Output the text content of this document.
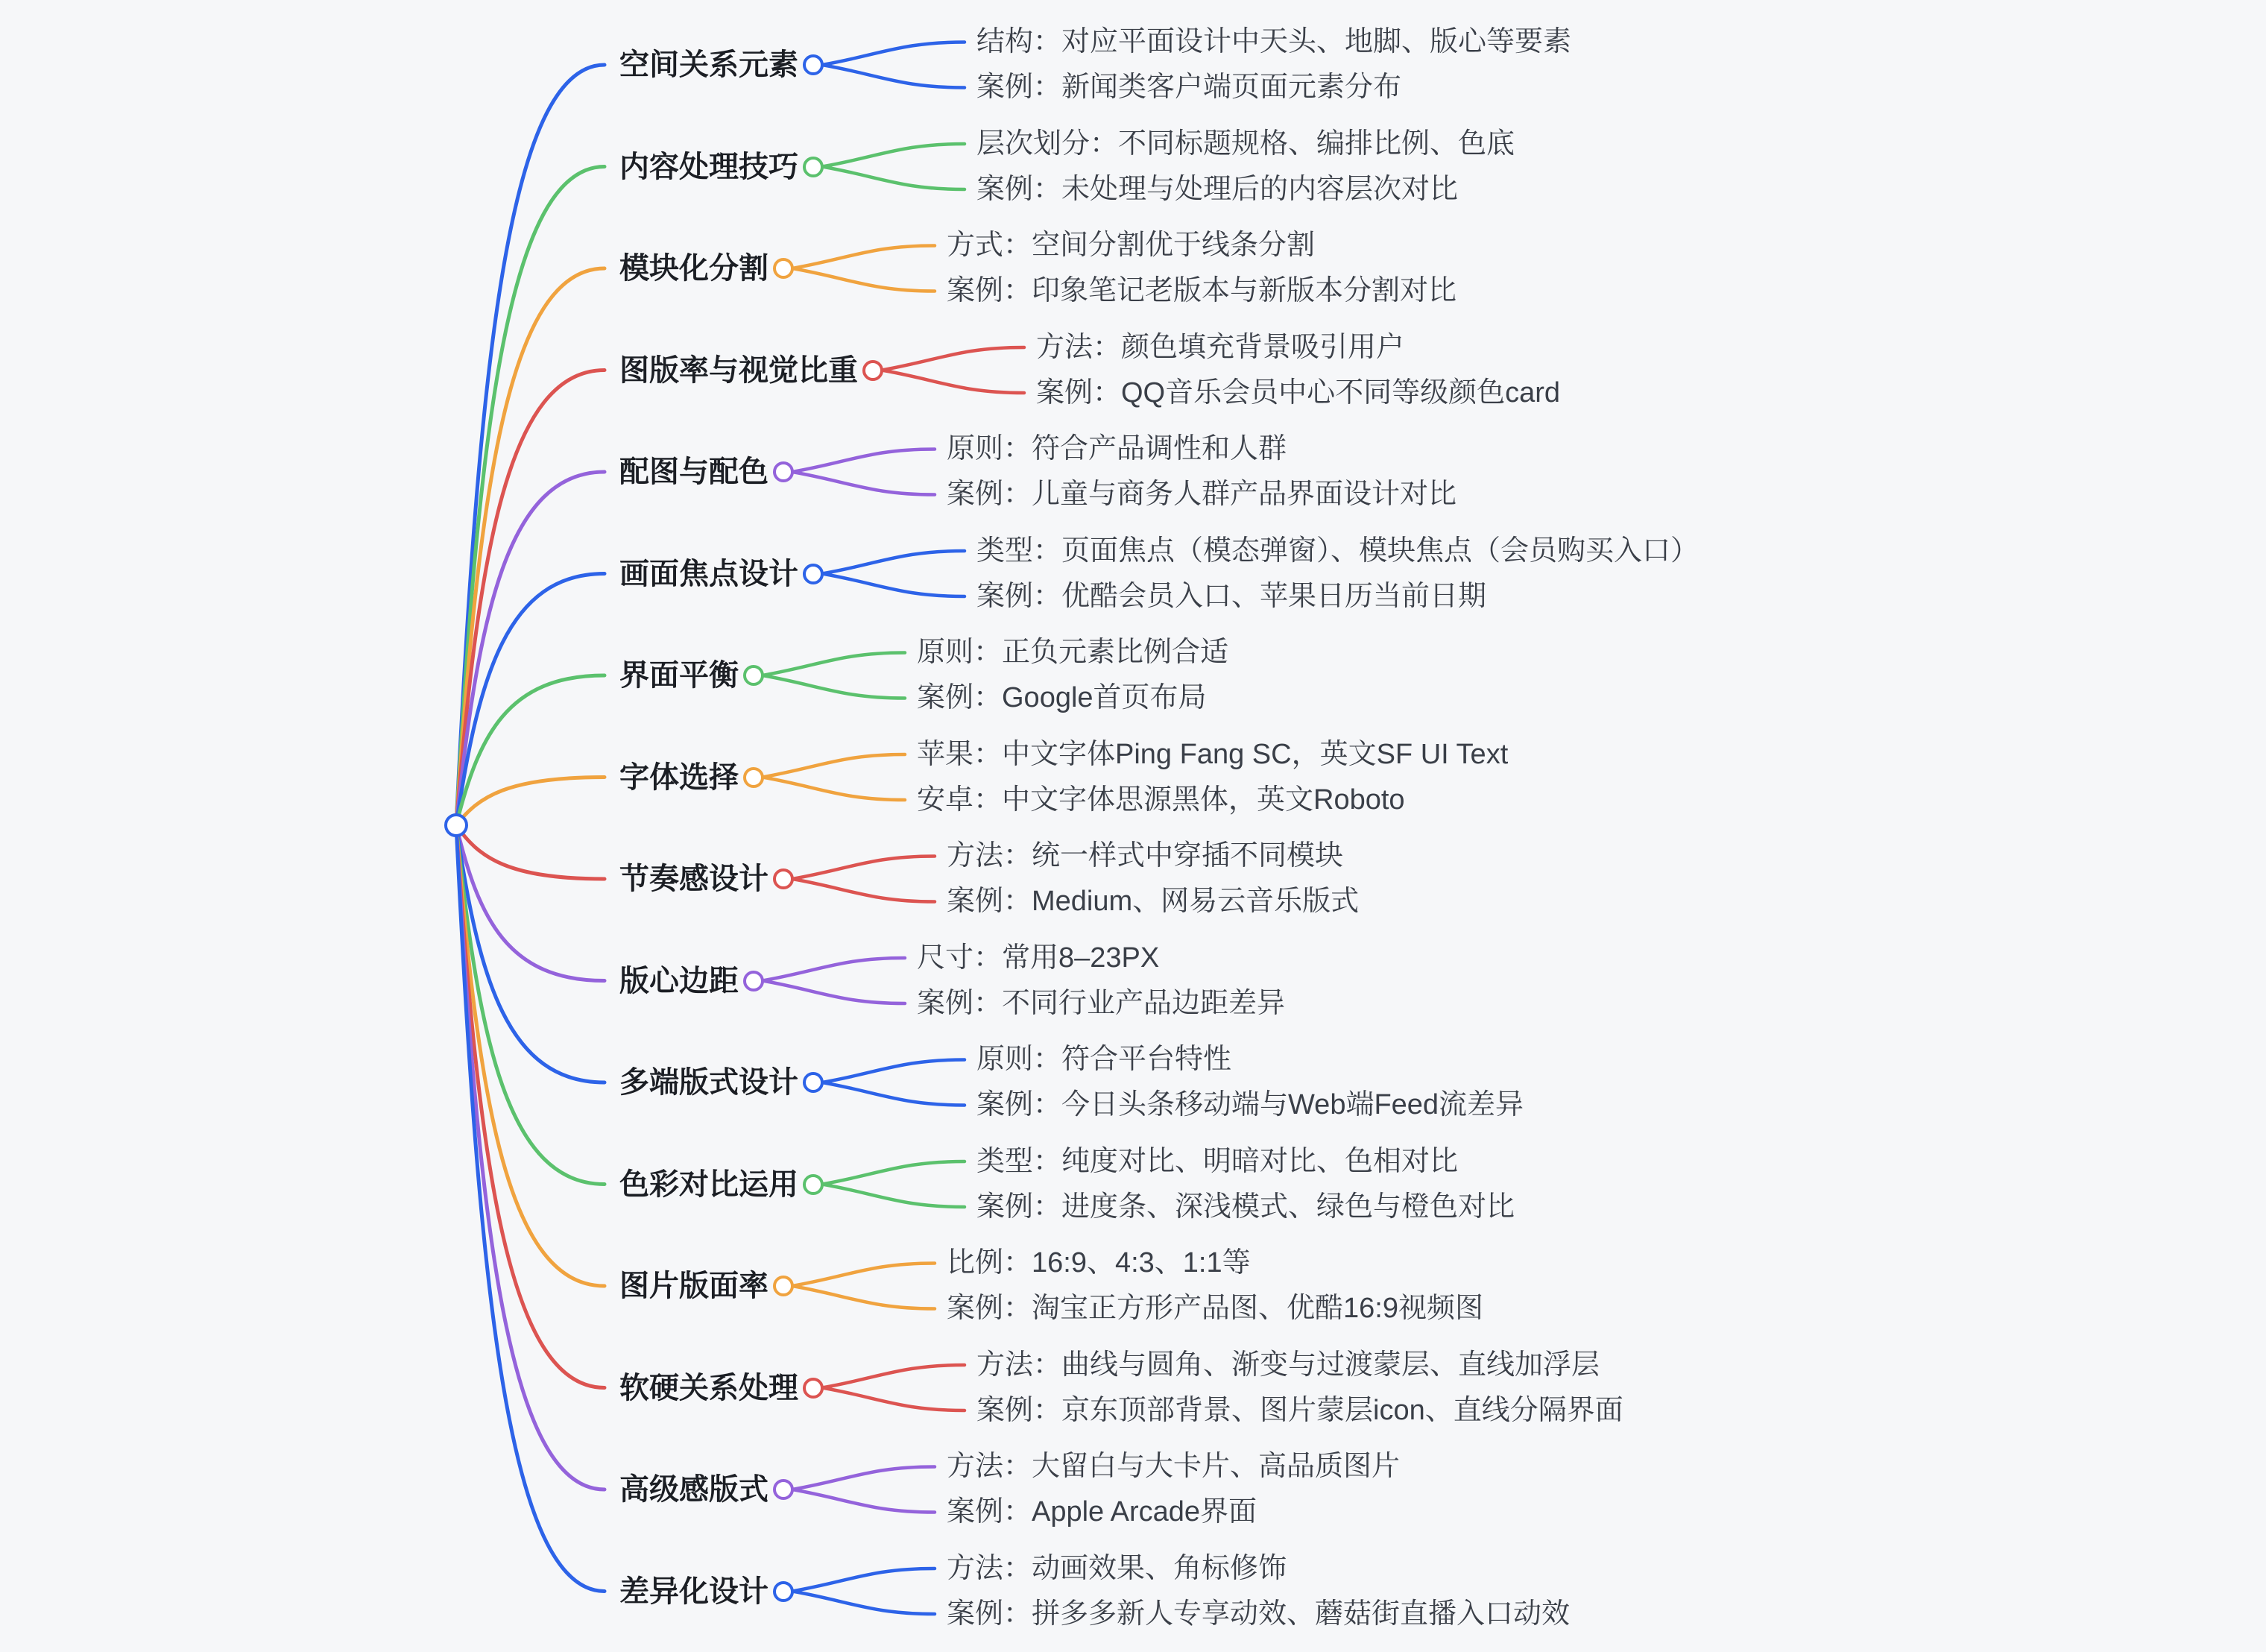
空间关系元素
结构：对应平面设计中天头、地脚、版心等要素
案例：新闻类客户端页面元素分布
内容处理技巧
层次划分：不同标题规格、编排比例、色底
案例：未处理与处理后的内容层次对比
模块化分割
方式：空间分割优于线条分割
案例：印象笔记老版本与新版本分割对比
图版率与视觉比重
方法：颜色填充背景吸引用户
案例：QQ音乐会员中心不同等级颜色card
配图与配色
原则：符合产品调性和人群
案例：儿童与商务人群产品界面设计对比
画面焦点设计
类型：页面焦点（模态弹窗）、模块焦点（会员购买入口）
案例：优酷会员入口、苹果日历当前日期
界面平衡
原则：正负元素比例合适
案例：Google首页布局
字体选择
苹果：中文字体Ping Fang SC，英文SF UI Text
安卓：中文字体思源黑体，英文Roboto
节奏感设计
方法：统一样式中穿插不同模块
案例：Medium、网易云音乐版式
版心边距
尺寸：常用8–23PX
案例：不同行业产品边距差异
多端版式设计
原则：符合平台特性
案例：今日头条移动端与Web端Feed流差异
色彩对比运用
类型：纯度对比、明暗对比、色相对比
案例：进度条、深浅模式、绿色与橙色对比
图片版面率
比例：16:9、4:3、1:1等
案例：淘宝正方形产品图、优酷16:9视频图
软硬关系处理
方法：曲线与圆角、渐变与过渡蒙层、直线加浮层
案例：京东顶部背景、图片蒙层icon、直线分隔界面
高级感版式
方法：大留白与大卡片、高品质图片
案例：Apple Arcade界面
差异化设计
方法：动画效果、角标修饰
案例：拼多多新人专享动效、蘑菇街直播入口动效
